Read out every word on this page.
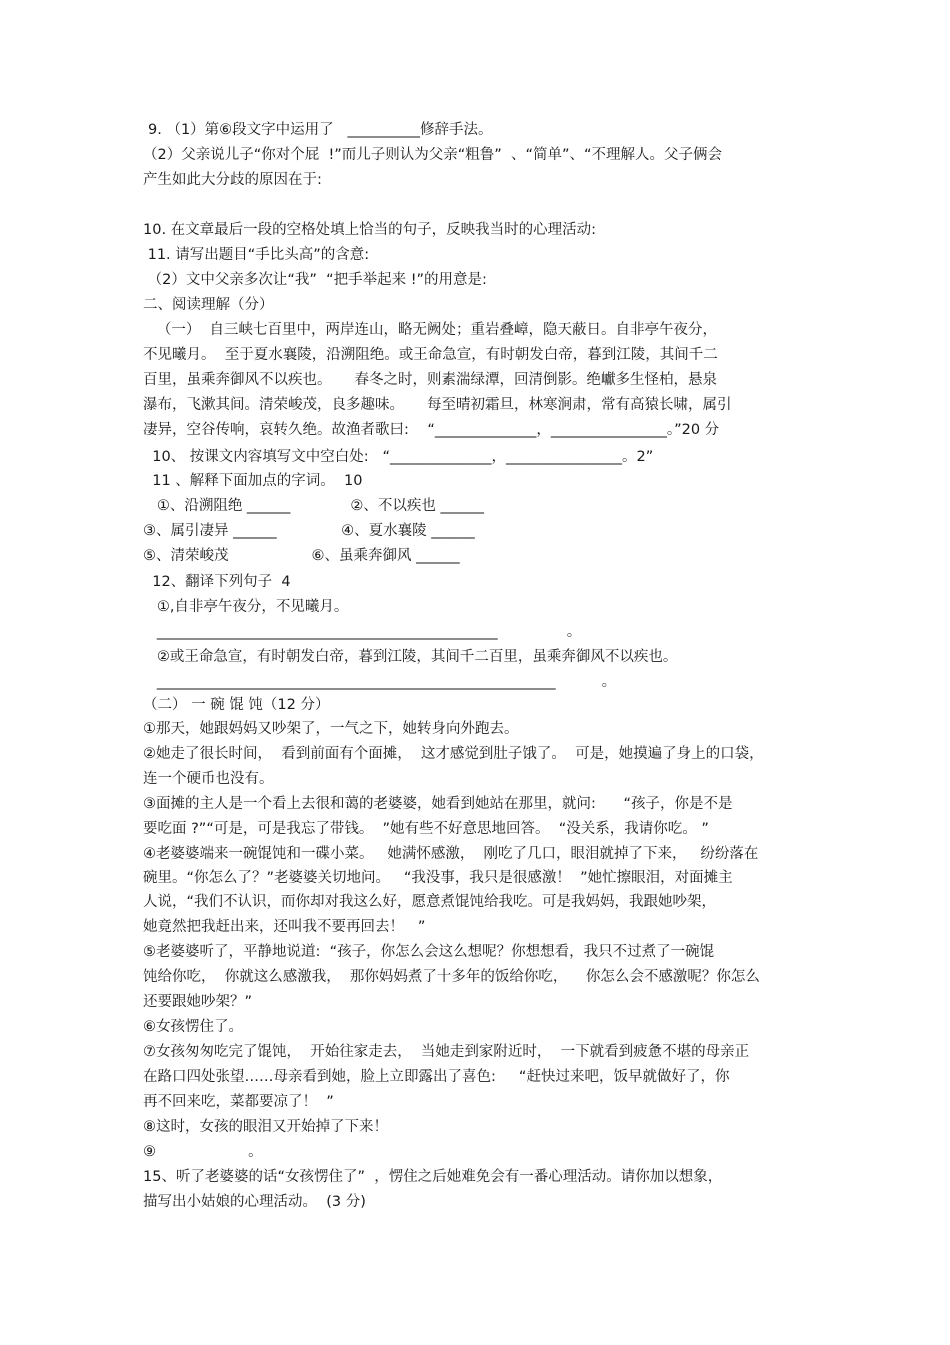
9. （1）第⑥段文字中运用了   __________修辞手法。
（2）父亲说儿子“你对个屁  !”而儿子则认为父亲“粗鲁”  、“简单”、“不理解人。父子俩会
产生如此大分歧的原因在于:
10. 在文章最后一段的空格处填上恰当的句子，反映我当时的心理活动:
11. 请写出题目“手比头高”的含意:
（2）文中父亲多次让“我”  “把手举起来 !”的用意是:
二、阅读理解（分）
（一）  自三峡七百里中，两岸连山，略无阙处；重岩叠嶂，隐天蔽日。自非亭午夜分，
不见曦月。  至于夏水襄陵，沿溯阻绝。或王命急宣，有时朝发白帝，暮到江陵，其间千二
百里，虽乘奔御风不以疾也。     春冬之时，则素湍绿潭，回清倒影。绝巘多生怪柏，悬泉
瀑布，飞漱其间。清荣峻茂，良多趣味。     每至晴初霜旦，林寒涧肃，常有高猿长啸，属引
凄异，空谷传响，哀转久绝。故渔者歌曰:    “______________，________________。”20 分
10、 按课文内容填写文中空白处:   “______________，________________。2”
11 、解释下面加点的字词。  10
①、沿溯阻绝 ______             ②、不以疾也 ______
③、属引凄异 ______              ④、夏水襄陵 ______
⑤、清荣峻茂                  ⑥、虽乘奔御风 ______
12、翻译下列句子  4
①,自非亭午夜分，不见曦月。
_______________________________________________               。
②或王命急宣，有时朝发白帝，暮到江陵，其间千二百里，虽乘奔御风不以疾也。
_______________________________________________________          。
（二） 一 碗 馄 饨（12 分）
①那天，她跟妈妈又吵架了，一气之下，她转身向外跑去。
②她走了很长时间，  看到前面有个面摊，  这才感觉到肚子饿了。  可是，她摸遍了身上的口袋，
连一个硬币也没有。
③面摊的主人是一个看上去很和蔼的老婆婆，她看到她站在那里，就问:      “孩子，你是不是
要吃面 ?”“可是，可是我忘了带钱。  ”她有些不好意思地回答。  “没关系，我请你吃。 ”
④老婆婆端来一碗馄饨和一碟小菜。   她满怀感激，  刚吃了几口，眼泪就掉了下来，   纷纷落在
碗里。“你怎么了？”老婆婆关切地问。   “我没事，我只是很感激！  ”她忙擦眼泪，对面摊主
人说，“我们不认识，而你却对我这么好，愿意煮馄饨给我吃。可是我妈妈，我跟她吵架，
她竟然把我赶出来，还叫我不要再回去！   ”
⑤老婆婆听了，平静地说道:  “孩子，你怎么会这么想呢？你想想看，我只不过煮了一碗馄
饨给你吃，  你就这么感激我，  那你妈妈煮了十多年的饭给你吃，    你怎么会不感激呢？你怎么
还要跟她吵架？”
⑥女孩愣住了。
⑦女孩匆匆吃完了馄饨，  开始往家走去，  当她走到家附近时，  一下就看到疲惫不堪的母亲正
在路口四处张望……母亲看到她，脸上立即露出了喜色:     “赶快过来吧，饭早就做好了，你
再不回来吃，菜都要凉了！  ”
⑧这时，女孩的眼泪又开始掉了下来！
⑨                    。
15、听了老婆婆的话“女孩愣住了”  ，愣住之后她难免会有一番心理活动。请你加以想象，
描写出小姑娘的心理活动。  (3 分)
